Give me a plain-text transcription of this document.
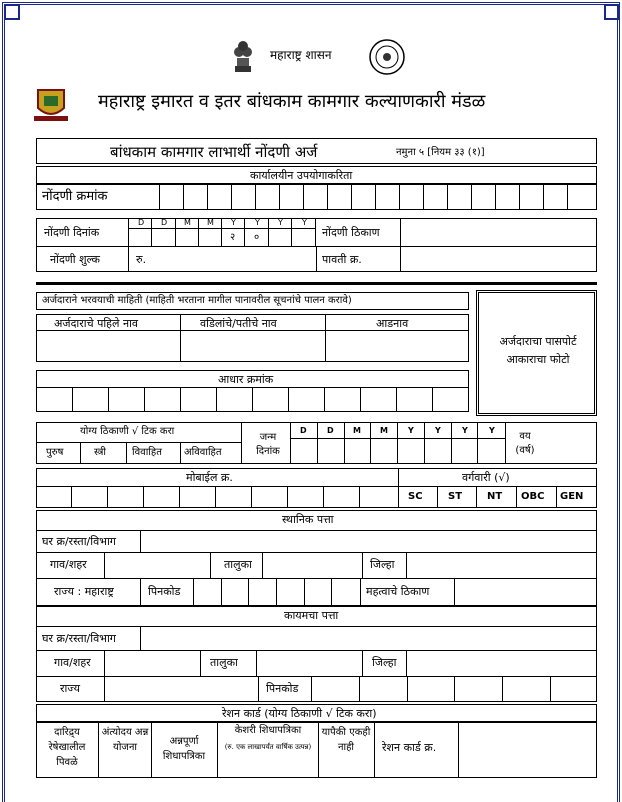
महाराष्ट्र शासन
महाराष्ट्र इमारत व इतर बांधकाम कामगार कल्याणकारी मंडळ
बांधकाम कामगार लाभार्थी नोंदणी अर्ज	नमुना ५ [नियम ३३ (१)]
कार्यालयीन उपयोगाकरिता
नोंदणी क्रमांक
नोंदणी दिनांक
D D M M Y Y Y Y
२ ०	नोंदणी ठिकाण
नोंदणी शुल्क	रु.	पावती क्र.
अर्जदाराने भरवयाची माहिती (माहिती भरताना मागील पानावरील सूचनांचे पालन करावे)
अर्जदाराचे पहिले नाव	वडिलांचे/पतीचे नाव	आडनाव
अर्जदाराचा पासपोर्ट आकाराचा फोटो
आधार क्रमांक
योग्य ठिकाणी √ टिक करा
पुरुष	स्त्री	विवाहित अविवाहित
जन्म दिनांक
D	D M M	Y	Y	Y	Y
वय (वर्ष)
मोबाईल क्र.	वर्गवारी (√)
SC	ST NT OBC GEN
स्थानिक पत्ता
घर क्र/रस्ता/विभाग
गाव/शहर	तालुका	जिल्हा
राज्य : महाराष्ट्र	पिनकोड	महत्वाचे ठिकाण
कायमचा पत्ता
घर क्र/रस्ता/विभाग
गाव/शहर	तालुका	जिल्हा
राज्य	पिनकोड
रेशन कार्ड (योग्य ठिकाणी √ टिक करा)
दारिद्र्य रेषेखालील पिवळे
अंत्योदय अन्न योजना
अन्नपूर्णा शिधापत्रिका
केशरी शिधापत्रिका
(रु. एक लाखापर्यंत वार्षिक उत्पन्न)
यापैकी एकही नाही	रेशन कार्ड क्र.
